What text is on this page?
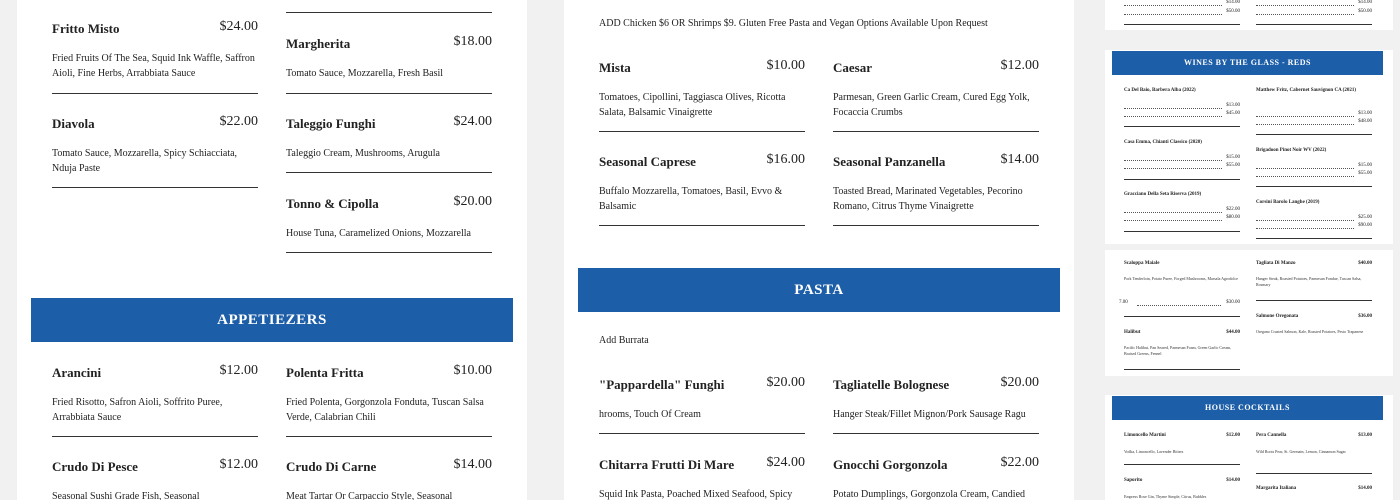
Fritto Misto	$24.00
Fried Fruits Of The Sea, Squid Ink Waffle, Saffron Aioli, Fine Herbs, Arrabbiata Sauce
Diavola	$22.00
Tomato Sauce, Mozzarella, Spicy Schiacciata, Nduja Paste
Margherita	$18.00
Tomato Sauce, Mozzarella, Fresh Basil
Taleggio Funghi	$24.00
Taleggio Cream, Mushrooms, Arugula
Tonno & Cipolla	$20.00
House Tuna, Caramelized Onions, Mozzarella
APPETIEZERS
Arancini	$12.00
Fried Risotto, Safron Aioli, Soffrito Puree, Arrabbiata Sauce
Polenta Fritta	$10.00
Fried Polenta, Gorgonzola Fonduta, Tuscan Salsa Verde, Calabrian Chili
Crudo Di Pesce	$12.00
Seasonal Sushi Grade Fish, Seasonal
Crudo Di Carne	$14.00
Meat Tartar Or Carpaccio Style, Seasonal
ADD Chicken $6 OR Shrimps $9. Gluten Free Pasta and Vegan Options Available Upon Request
Mista	$10.00
Tomatoes, Cipollini, Taggiasca Olives, Ricotta Salata, Balsamic Vinaigrette
Caesar	$12.00
Parmesan, Green Garlic Cream, Cured Egg Yolk, Focaccia Crumbs
Seasonal Caprese	$16.00
Buffalo Mozzarella, Tomatoes, Basil, Evvo & Balsamic
Seasonal Panzanella	$14.00
Toasted Bread, Marinated Vegetables, Pecorino Romano, Citrus Thyme Vinaigrette
PASTA
Add Burrata
"Pappardella" Funghi	$20.00
hrooms, Touch Of Cream
Tagliatelle Bolognese	$20.00
Hanger Steak/Fillet Mignon/Pork Sausage Ragu
Chitarra Frutti Di Mare $24.00
Squid Ink Pasta, Poached Mixed Seafood, Spicy
Gnocchi Gorgonzola	$22.00
Potato Dumplings, Gorgonzola Cream, Candied
$14.00
$50.00
$14.00
$50.00
WINES BY THE GLASS - REDS
Ca Del Baio, Barbera Alba (2022)
$13.00
$45.00
Matthew Fritz, Cabernet Sauvignon CA (2021)
$13.00
$48.00
Casa Emma, Chianti Classico (2020)
$15.00
$55.00
Brigadoon Pinot Noir WV (2022)
$15.00
$55.00
Gracciano Della Seta Riserva (2019)
$22.00
$80.00
Corsini Barolo Langhe (2019)
$25.00
$90.00
Scaloppa Maiale
Pork Tenderloin, Potato Puree, Forged Mushrooms, Marsala Agrodolce
7.00	$30.00
Tagliata Di Manzo	$40.00
Hanger Steak, Roasted Potatoes, Parmesan Fondue, Tuscan Salsa, Rosmary
Salmone Oregonata	$36.00
Oregano Crusted Salmon, Kale, Roasted Potatoes, Pesto Trapanese
Halibut	$44.00
Pacific Halibut, Pan Seared, Parmesan Foam, Green Garlic Cream, Braised Greens, Fennel
HOUSE COCKTAILS
Limoncello Martini	$12.00
Vodka, Limoncello, Lavender Bitters
Pera Cannella	$13.00
Wild Roots Pear, St. Germain, Lemon, Cinnamon Sugar
Saporito	$14.00
Empress Rose Gin, Thyme Simple, Citrus, Bubbles
Margarita Italiana	$14.00
